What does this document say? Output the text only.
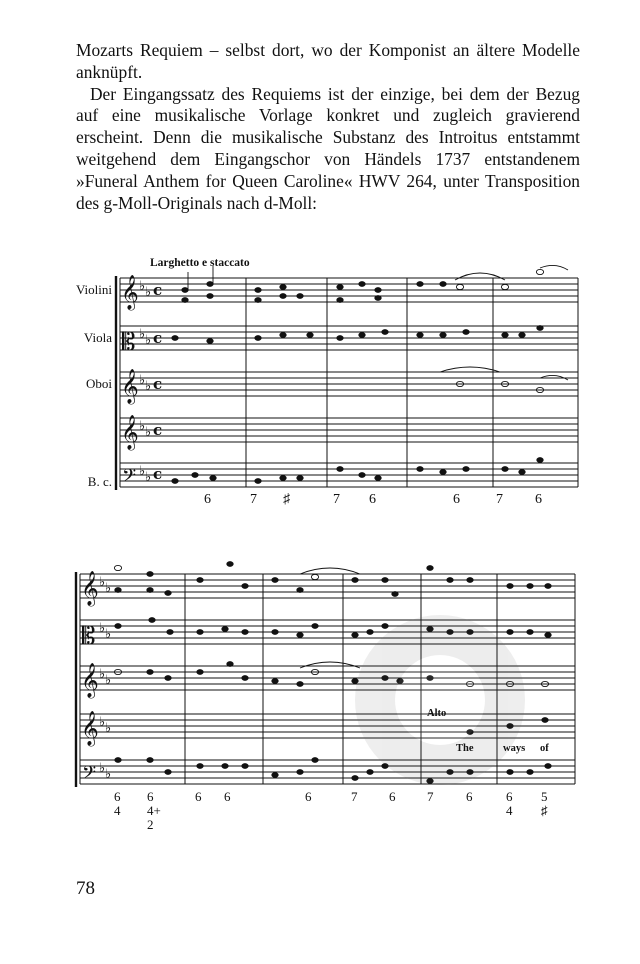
Mozarts Requiem – selbst dort, wo der Komponist an ältere Modelle anknüpft.

Der Eingangssatz des Requiems ist der einzige, bei dem der Bezug auf eine musikalische Vorlage konkret und zugleich gravierend erscheint. Denn die musikalische Substanz des Introitus entstammt weitgehend dem Eingangschor von Händels 1737 entstandenem »Funeral Anthem for Queen Caroline« HWV 264, unter Transposition des g-Moll-Originals nach d-Moll:

𝄞
𝄡
𝄞
𝄞
𝄢
𝄞
𝄡
𝄞
𝄞
𝄢
♭ ♭
♭ ♭
♭ ♭
♭ ♭
♭ ♭
♭ ♭
♭ ♭
♭ ♭
♭ ♭
♭ ♭
c
c
c
c
c
Larghetto e staccato
Violini
Viola
Oboi
B. c.
6	7 ♯	7 6	6	7 6
6
4
6
4+
2
6 6	6	7 6 7	6	6
4
5
♯
Alto
The	ways of
78
